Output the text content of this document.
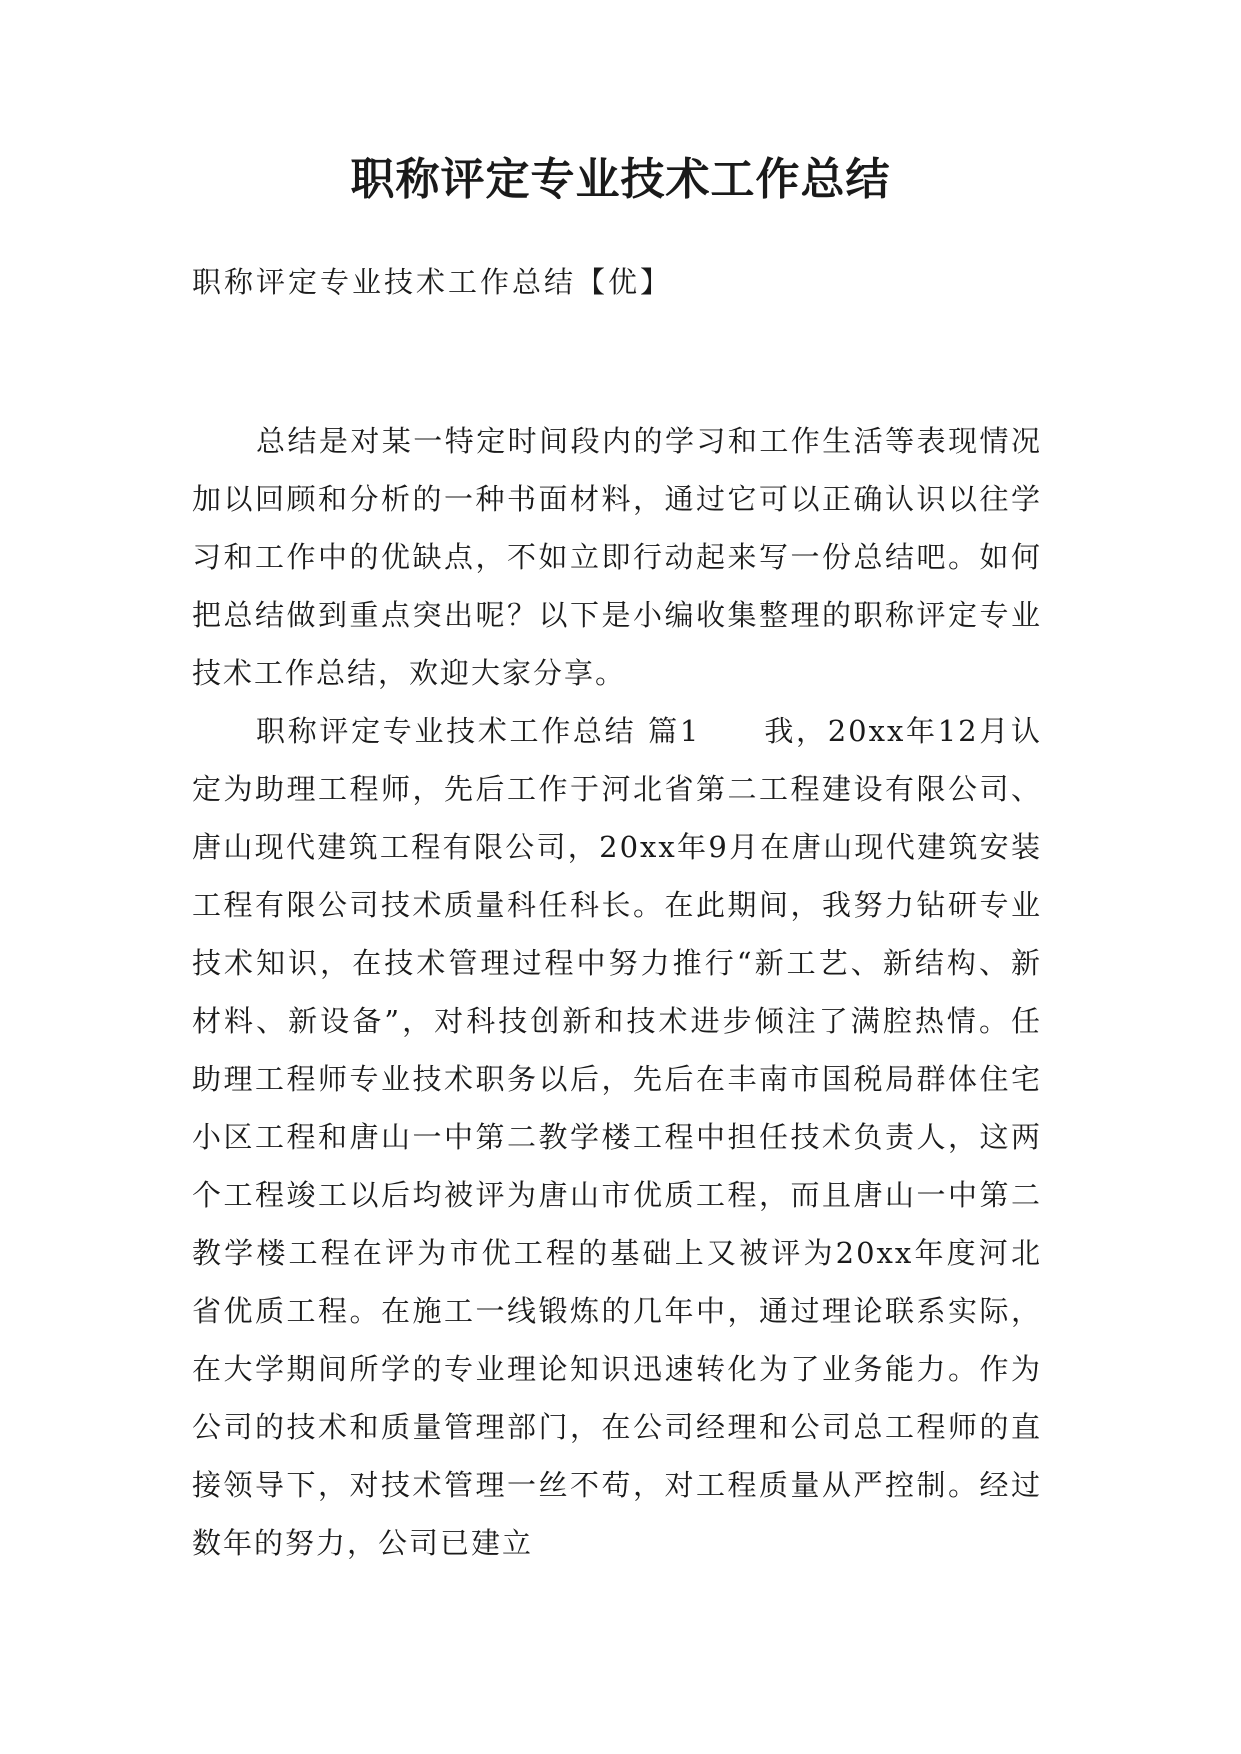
职称评定专业技术工作总结

职称评定专业技术工作总结【优】

总结是对某一特定时间段内的学习和工作生活等表现情况加以回顾和分析的一种书面材料，通过它可以正确认识以往学习和工作中的优缺点，不如立即行动起来写一份总结吧。如何把总结做到重点突出呢？以下是小编收集整理的职称评定专业技术工作总结，欢迎大家分享。

职称评定专业技术工作总结 篇1　　我，20xx年12月认定为助理工程师，先后工作于河北省第二工程建设有限公司、唐山现代建筑工程有限公司，20xx年9月在唐山现代建筑安装工程有限公司技术质量科任科长。在此期间，我努力钻研专业技术知识，在技术管理过程中努力推行“新工艺、新结构、新材料、新设备”，对科技创新和技术进步倾注了满腔热情。任助理工程师专业技术职务以后，先后在丰南市国税局群体住宅小区工程和唐山一中第二教学楼工程中担任技术负责人，这两个工程竣工以后均被评为唐山市优质工程，而且唐山一中第二教学楼工程在评为市优工程的基础上又被评为20xx年度河北省优质工程。在施工一线锻炼的几年中，通过理论联系实际，在大学期间所学的专业理论知识迅速转化为了业务能力。作为公司的技术和质量管理部门，在公司经理和公司总工程师的直接领导下，对技术管理一丝不苟，对工程质量从严控制。经过数年的努力，公司已建立
